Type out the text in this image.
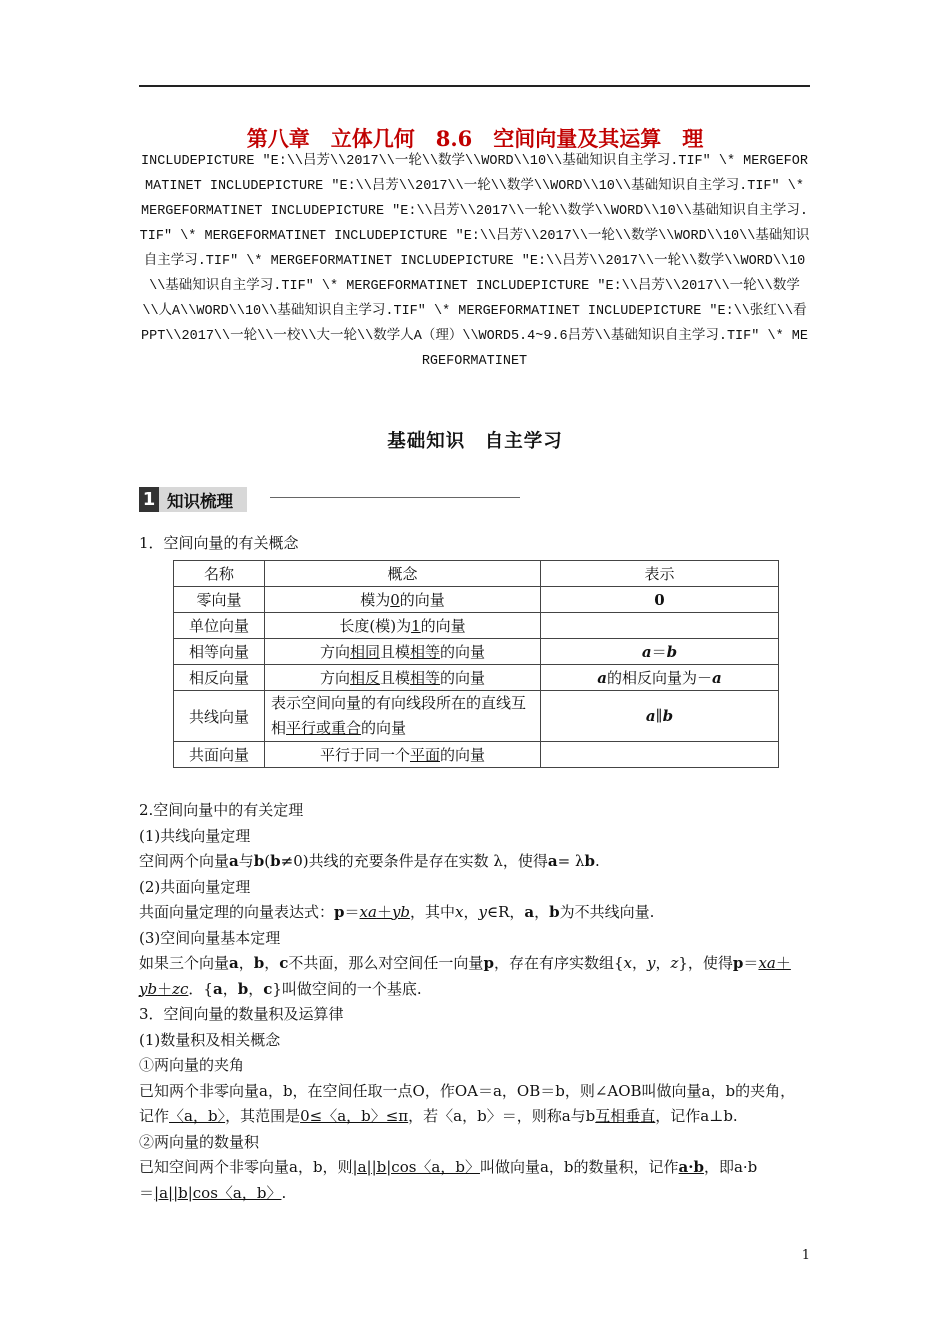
第八章　立体几何　8.6　空间向量及其运算　理
INCLUDEPICTURE "E:\\吕芳\\2017\\一轮\\数学\\WORD\\10\\基础知识自主学习.TIF" \* MERGEFORMATINET INCLUDEPICTURE "E:\\吕芳\\2017\\一轮\\数学\\WORD\\10\\基础知识自主学习.TIF" \* MERGEFORMATINET INCLUDEPICTURE "E:\\吕芳\\2017\\一轮\\数学\\WORD\\10\\基础知识自主学习.TIF" \* MERGEFORMATINET INCLUDEPICTURE "E:\\吕芳\\2017\\一轮\\数学\\WORD\\10\\基础知识自主学习.TIF" \* MERGEFORMATINET INCLUDEPICTURE "E:\\吕芳\\2017\\一轮\\数学\\WORD\\10\\基础知识自主学习.TIF" \* MERGEFORMATINET INCLUDEPICTURE "E:\\吕芳\\2017\\一轮\\数学\\人A\\WORD\\10\\基础知识自主学习.TIF" \* MERGEFORMATINET INCLUDEPICTURE "E:\\张红\\看PPT\\2017\\一轮\\一校\\大一轮\\数学人A（理）\\WORD5.4~9.6吕芳\\基础知识自主学习.TIF" \* MERGEFORMATINET
基础知识　自主学习
1 知识梳理

1．空间向量的有关概念

名称	概念	表示
零向量	模为0的向量	0
单位向量	长度(模)为1的向量	
相等向量	方向相同且模相等的向量	a＝b
相反向量	方向相反且模相等的向量	a的相反向量为－a
共线向量	表示空间向量的有向线段所在的直线互相平行或重合的向量	a∥b
共面向量	平行于同一个平面的向量	

2.空间向量中的有关定理

(1)共线向量定理

空间两个向量a与b(b≠0)共线的充要条件是存在实数 λ，使得a= λb.

(2)共面向量定理

共面向量定理的向量表达式：p＝xa＋yb，其中x，y∈R，a，b为不共线向量.

(3)空间向量基本定理

如果三个向量a，b，c不共面，那么对空间任一向量p，存在有序实数组{x，y，z}，使得p＝xa＋

yb＋zc．{a，b，c}叫做空间的一个基底.

3．空间向量的数量积及运算律

(1)数量积及相关概念

①两向量的夹角

已知两个非零向量a，b，在空间任取一点O，作OA＝a，OB＝b，则∠AOB叫做向量a，b的夹角，

记作〈a，b〉，其范围是0≤〈a，b〉≤π，若〈a，b〉＝，则称a与b互相垂直，记作a⊥b.

②两向量的数量积

已知空间两个非零向量a，b，则|a||b|cos〈a，b〉叫做向量a，b的数量积，记作a·b，即a·b

＝|a||b|cos〈a，b〉.

1
